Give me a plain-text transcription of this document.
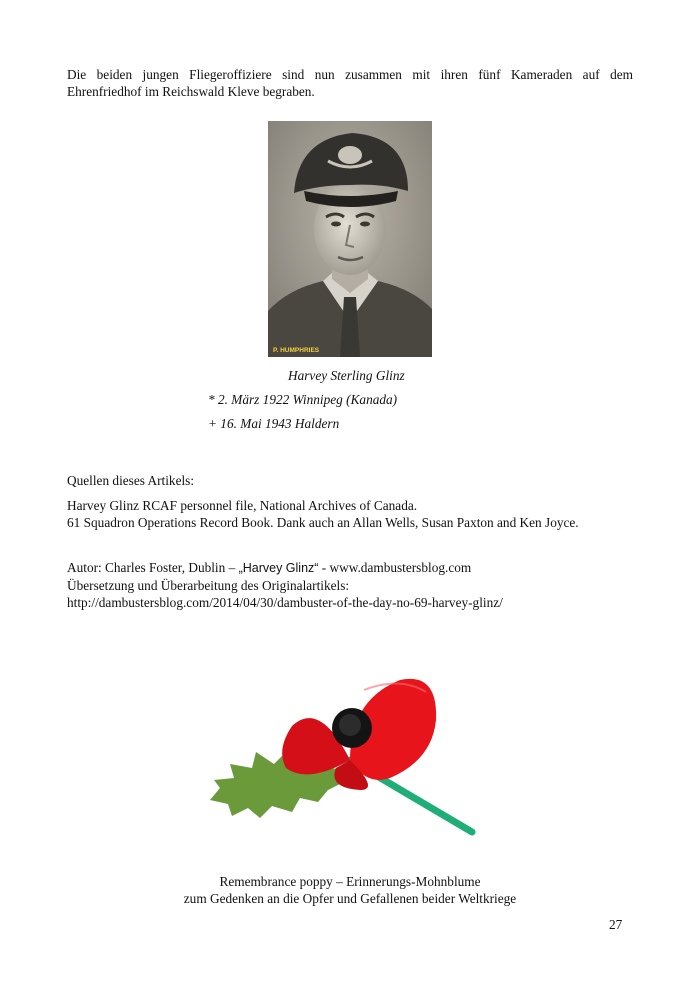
Die beiden jungen Fliegeroffiziere sind nun zusammen mit ihren fünf Kameraden auf dem
Ehrenfriedhof im Reichswald Kleve begraben.

P. HUMPHRIES
Harvey Sterling Glinz
* 2. März 1922 Winnipeg (Kanada)
+ 16. Mai 1943 Haldern
Quellen dieses Artikels:
Harvey Glinz RCAF personnel file, National Archives of Canada.
61 Squadron Operations Record Book. Dank auch an Allan Wells, Susan Paxton and Ken Joyce.
Autor: Charles Foster, Dublin – „Harvey Glinz“ - www.dambustersblog.com
Übersetzung und Überarbeitung des Originalartikels:
http://dambustersblog.com/2014/04/30/dambuster-of-the-day-no-69-harvey-glinz/
Remembrance poppy – Erinnerungs-Mohnblume
zum Gedenken an die Opfer und Gefallenen beider Weltkriege
27
